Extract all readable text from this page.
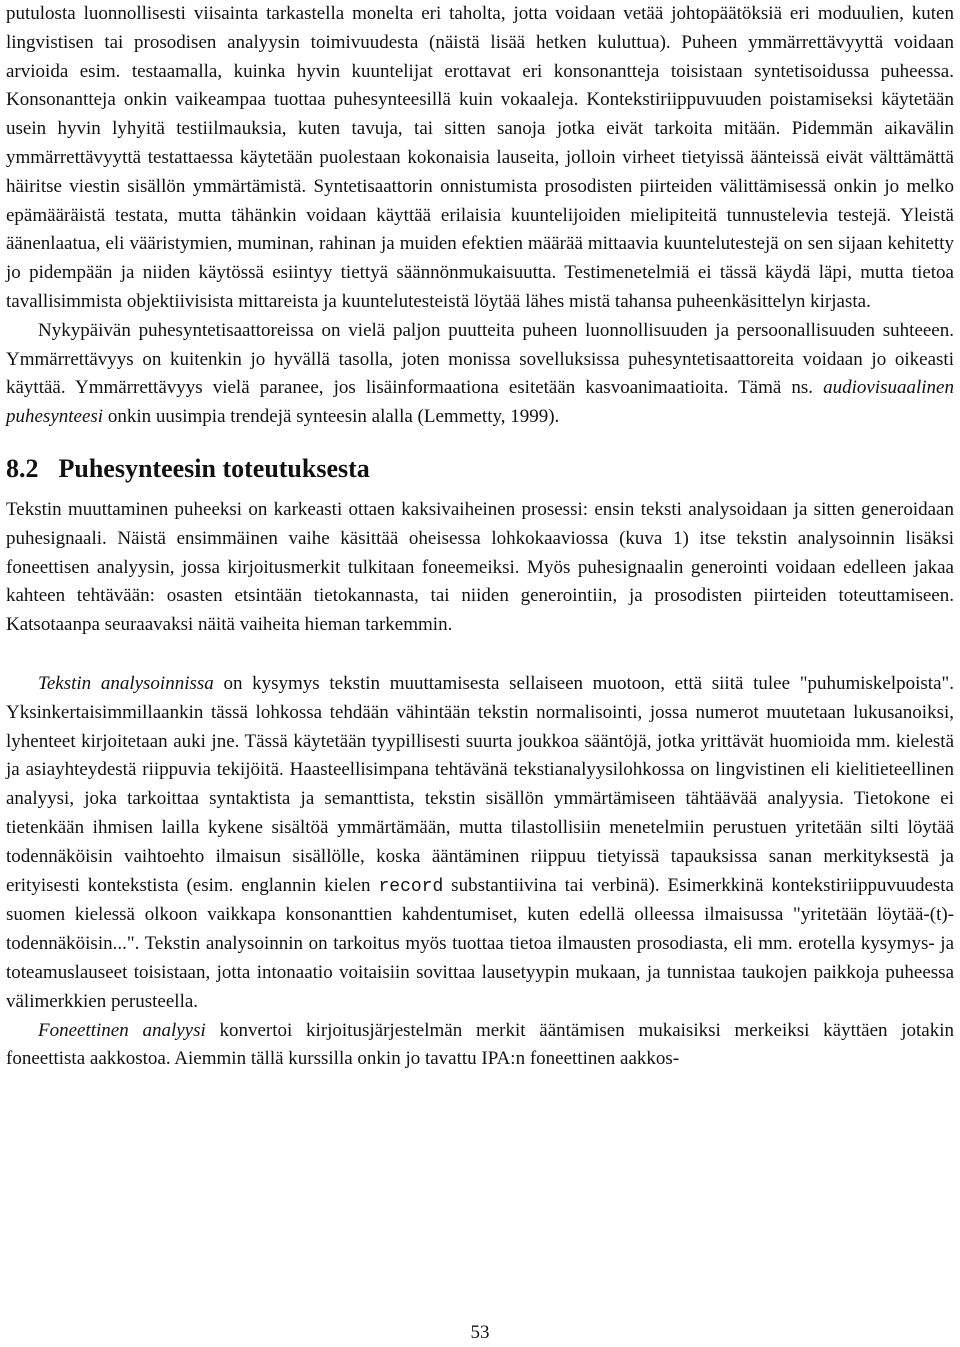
putulosta luonnollisesti viisainta tarkastella monelta eri taholta, jotta voidaan vetää johtopäätöksiä eri moduulien, kuten lingvistisen tai prosodisen analyysin toimivuudesta (näistä lisää hetken kuluttua). Puheen ymmärrettävyyttä voidaan arvioida esim. testaamalla, kuinka hyvin kuuntelijat erottavat eri konsonantteja toisistaan syntetisoidussa puheessa. Konsonantteja onkin vaikeampaa tuottaa puhesynteesillä kuin vokaaleja. Kontekstiriippuvuuden poistamiseksi käytetään usein hyvin lyhyitä testiilmauksia, kuten tavuja, tai sitten sanoja jotka eivät tarkoita mitään. Pidemmän aikavälin ymmärrettävyyttä testattaessa käytetään puolestaan kokonaisia lauseita, jolloin virheet tietyissä äänteissä eivät välttämättä häiritse viestin sisällön ymmärtämistä. Syntetisaattorin onnistumista prosodisten piirteiden välittämisessä onkin jo melko epämääräistä testata, mutta tähänkin voidaan käyttää erilaisia kuuntelijoiden mielipiteitä tunnustelevia testejä. Yleistä äänenlaatua, eli vääristymien, muminan, rahinan ja muiden efektien määrää mittaavia kuuntelutestejä on sen sijaan kehitetty jo pidempään ja niiden käytössä esiintyy tiettyä säännönmukaisuutta. Testimenetelmiä ei tässä käydä läpi, mutta tietoa tavallisimmista objektiivisista mittareista ja kuuntelutesteistä löytää lähes mistä tahansa puheenkäsittelyn kirjasta.

Nykypäivän puhesyntetisaattoreissa on vielä paljon puutteita puheen luonnollisuuden ja persoonallisuuden suhteeen. Ymmärrettävyys on kuitenkin jo hyvällä tasolla, joten monissa sovelluksissa puhesyntetisaattoreita voidaan jo oikeasti käyttää. Ymmärrettävyys vielä paranee, jos lisäinformaationa esitetään kasvoanimaatioita. Tämä ns. audiovisuaalinen puhesynteesi onkin uusimpia trendejä synteesin alalla (Lemmetty, 1999).

8.2 Puhesynteesin toteutuksesta

Tekstin muuttaminen puheeksi on karkeasti ottaen kaksivaiheinen prosessi: ensin teksti analysoidaan ja sitten generoidaan puhesignaali. Näistä ensimmäinen vaihe käsittää oheisessa lohkokaaviossa (kuva 1) itse tekstin analysoinnin lisäksi foneettisen analyysin, jossa kirjoitusmerkit tulkitaan foneemeiksi. Myös puhesignaalin generointi voidaan edelleen jakaa kahteen tehtävään: osasten etsintään tietokannasta, tai niiden generointiin, ja prosodisten piirteiden toteuttamiseen. Katsotaanpa seuraavaksi näitä vaiheita hieman tarkemmin.

Tekstin analysoinnissa on kysymys tekstin muuttamisesta sellaiseen muotoon, että siitä tulee "puhumiskelpoista". Yksinkertaisimmillaankin tässä lohkossa tehdään vähintään tekstin normalisointi, jossa numerot muutetaan lukusanoiksi, lyhenteet kirjoitetaan auki jne. Tässä käytetään tyypillisesti suurta joukkoa sääntöjä, jotka yrittävät huomioida mm. kielestä ja asiayhteydestä riippuvia tekijöitä. Haasteellisimpana tehtävänä tekstianalyysilohkossa on lingvistinen eli kielitieteellinen analyysi, joka tarkoittaa syntaktista ja semanttista, tekstin sisällön ymmärtämiseen tähtäävää analyysia. Tietokone ei tietenkään ihmisen lailla kykene sisältöä ymmärtämään, mutta tilastollisiin menetelmiin perustuen yritetään silti löytää todennäköisin vaihtoehto ilmaisun sisällölle, koska ääntäminen riippuu tietyissä tapauksissa sanan merkityksestä ja erityisesti kontekstista (esim. englannin kielen record substantiivina tai verbinä). Esimerkkinä kontekstiriippuvuudesta suomen kielessä olkoon vaikkapa konsonanttien kahdentumiset, kuten edellä olleessa ilmaisussa "yritetään löytää-(t)-todennäköisin...". Tekstin analysoinnin on tarkoitus myös tuottaa tietoa ilmausten prosodiasta, eli mm. erotella kysymys- ja toteamuslauseet toisistaan, jotta intonaatio voitaisiin sovittaa lausetyypin mukaan, ja tunnistaa taukojen paikkoja puheessa välimerkkien perusteella.

Foneettinen analyysi konvertoi kirjoitusjärjestelmän merkit ääntämisen mukaisiksi merkeiksi käyttäen jotakin foneettista aakkostoa. Aiemmin tällä kurssilla onkin jo tavattu IPA:n foneettinen aakkos-

53
